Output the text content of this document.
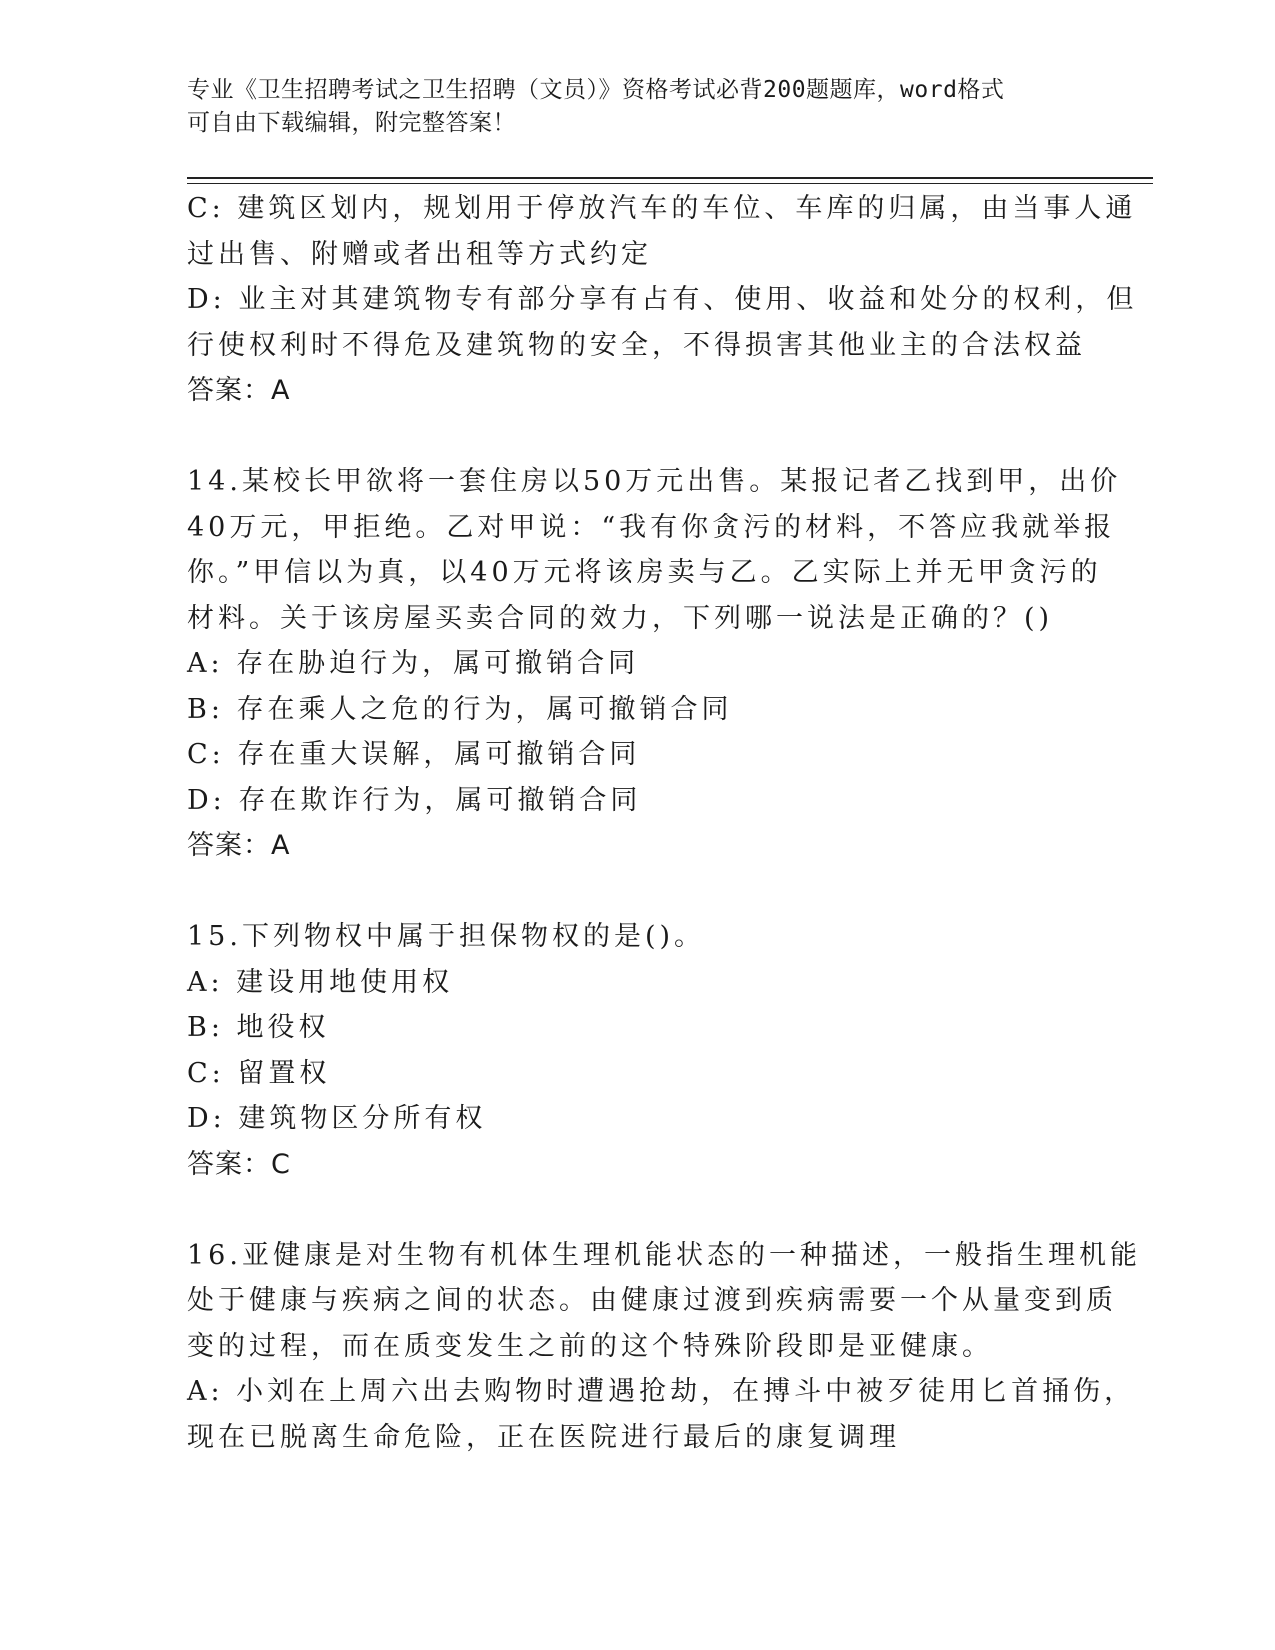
专业《卫生招聘考试之卫生招聘（文员）》资格考试必背200题题库，word格式
可自由下载编辑，附完整答案！
C: 建筑区划内，规划用于停放汽车的车位、车库的归属，由当事人通
过出售、附赠或者出租等方式约定
D: 业主对其建筑物专有部分享有占有、使用、收益和处分的权利，但
行使权利时不得危及建筑物的安全，不得损害其他业主的合法权益
答案：A
14.某校长甲欲将一套住房以50万元出售。某报记者乙找到甲，出价
40万元，甲拒绝。乙对甲说：“我有你贪污的材料，不答应我就举报
你。”甲信以为真，以40万元将该房卖与乙。乙实际上并无甲贪污的
材料。关于该房屋买卖合同的效力，下列哪一说法是正确的？()
A: 存在胁迫行为，属可撤销合同
B: 存在乘人之危的行为，属可撤销合同
C: 存在重大误解，属可撤销合同
D: 存在欺诈行为，属可撤销合同
答案：A
15.下列物权中属于担保物权的是()。
A: 建设用地使用权
B: 地役权
C: 留置权
D: 建筑物区分所有权
答案：C
16.亚健康是对生物有机体生理机能状态的一种描述，一般指生理机能
处于健康与疾病之间的状态。由健康过渡到疾病需要一个从量变到质
变的过程，而在质变发生之前的这个特殊阶段即是亚健康。
A: 小刘在上周六出去购物时遭遇抢劫，在搏斗中被歹徒用匕首捅伤，
现在已脱离生命危险，正在医院进行最后的康复调理
